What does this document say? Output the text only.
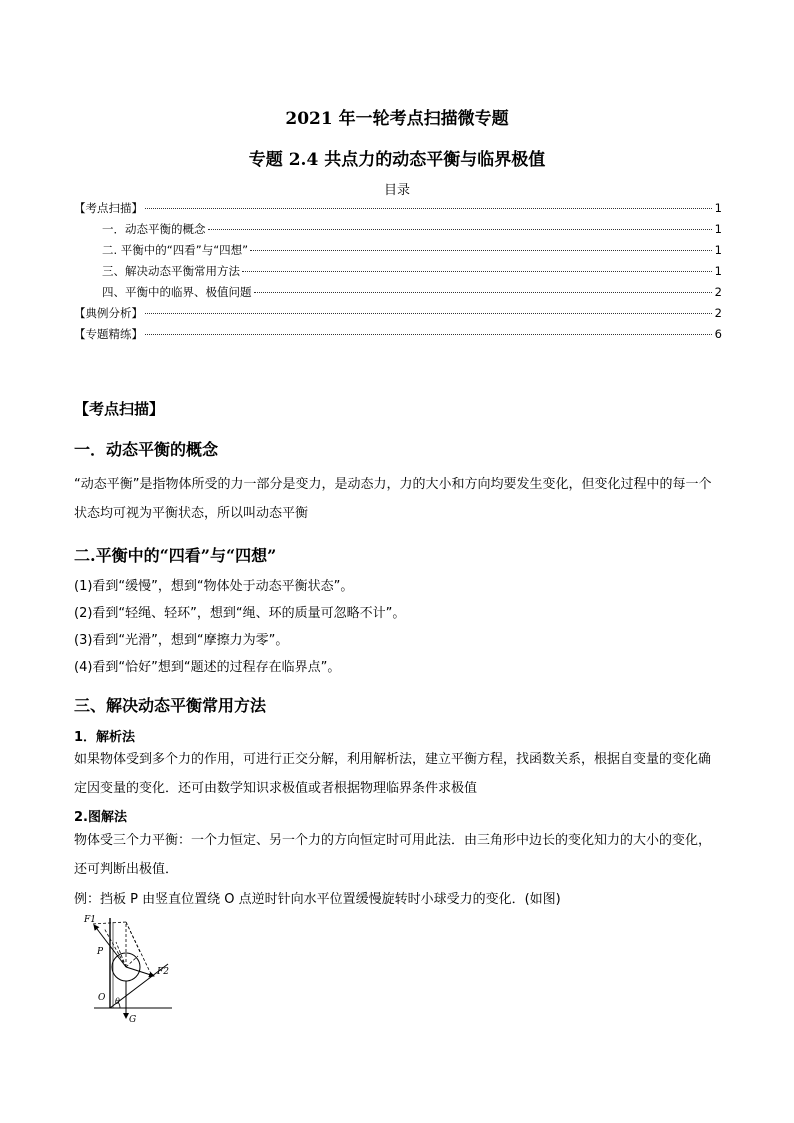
2021 年一轮考点扫描微专题
专题 2.4 共点力的动态平衡与临界极值
目录
【考点扫描】	1
一．动态平衡的概念	1
二. 平衡中的“四看”与“四想”	1
三、解决动态平衡常用方法	1
四、平衡中的临界、极值问题	2
【典例分析】	2
【专题精练】	6
【考点扫描】
一．动态平衡的概念
“动态平衡”是指物体所受的力一部分是变力，是动态力，力的大小和方向均要发生变化，但变化过程中的每一个状态均可视为平衡状态，所以叫动态平衡
二.平衡中的“四看”与“四想”
(1)看到“缓慢”，想到“物体处于动态平衡状态”。
(2)看到“轻绳、轻环”，想到“绳、环的质量可忽略不计”。
(3)看到“光滑”，想到“摩擦力为零”。
(4)看到“恰好”想到“题述的过程存在临界点”。
三、解决动态平衡常用方法
1．解析法
如果物体受到多个力的作用，可进行正交分解，利用解析法，建立平衡方程，找函数关系，根据自变量的变化确定因变量的变化．还可由数学知识求极值或者根据物理临界条件求极值
2.图解法
物体受三个力平衡：一个力恒定、另一个力的方向恒定时可用此法．由三角形中边长的变化知力的大小的变化，还可判断出极值．
例：挡板 P 由竖直位置绕 O 点逆时针向水平位置缓慢旋转时小球受力的变化．(如图)
F1
F2
P
O θ
G
